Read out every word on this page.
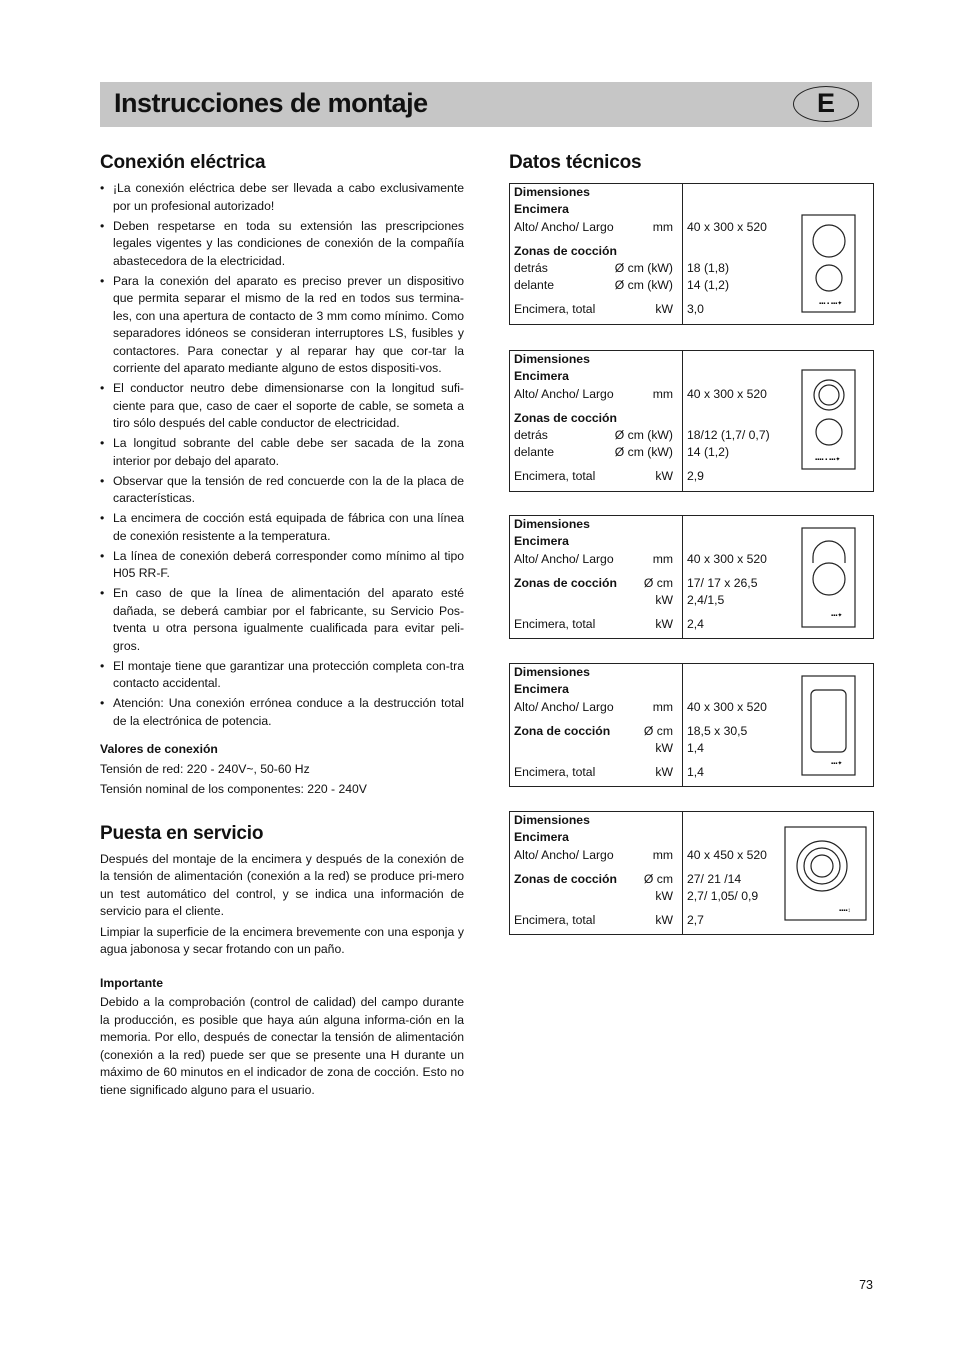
Instrucciones de montaje	E
Conexión eléctrica
• ¡La conexión eléctrica debe ser llevada a cabo exclusivamente por un profesional autorizado!
• Deben respetarse en toda su extensión las prescripciones legales vigentes y las condiciones de conexión de la compañía abastecedora de la electricidad.
• Para la conexión del aparato es preciso prever un dispositivo que permita separar el mismo de la red en todos sus termina-les, con una apertura de contacto de 3 mm como mínimo. Como separadores idóneos se consideran interruptores LS, fusibles y contactores. Para conectar y al reparar hay que cor-tar la corriente del aparato mediante alguno de estos dispositi-vos.
• El conductor neutro debe dimensionarse con la longitud sufi-ciente para que, caso de caer el soporte de cable, se someta a tiro sólo después del cable conductor de electricidad.
• La longitud sobrante del cable debe ser sacada de la zona interior por debajo del aparato.
• Observar que la tensión de red concuerde con la de la placa de características.
• La encimera de cocción está equipada de fábrica con una línea de conexión resistente a la temperatura.
• La línea de conexión deberá corresponder como mínimo al tipo H05 RR-F.
• En caso de que la línea de alimentación del aparato esté dañada, se deberá cambiar por el fabricante, su Servicio Pos-tventa u otra persona igualmente cualificada para evitar peli-gros.
• El montaje tiene que garantizar una protección completa con-tra contacto accidental.
• Atención: Una conexión errónea conduce a la destrucción total de la electrónica de potencia.
Valores de conexión

Tensión de red: 220 - 240V~, 50-60 Hz

Tensión nominal de los componentes: 220 - 240V

Puesta en servicio

Después del montaje de la encimera y después de la conexión de la tensión de alimentación (conexión a la red) se produce pri-mero un test automático del control, y se indica una información de servicio para el cliente.

Limpiar la superficie de la encimera brevemente con una esponja y agua jabonosa y secar frotando con un paño.

Importante

Debido a la comprobación (control de calidad) del campo durante la producción, es posible que haya aún alguna informa-ción en la memoria. Por ello, después de conectar la tensión de alimentación (conexión a la red) puede ser que se presente una H durante un máximo de 60 minutos en el indicador de zona de cocción. Esto no tiene significado alguno para el usuario.

Datos técnicos
Dimensiones
Encimera
Alto/ Ancho/ Largo	mm 40 x 300 x 520
Zonas de cocción
detrás	Ø cm (kW) 18 (1,8)
delante	Ø cm (kW) 14 (1,2)
Encimera, total	kW 3,0	▪▪▪ ▪ ▪▪▪✦
Dimensiones
Encimera
Alto/ Ancho/ Largo	mm 40 x 300 x 520
Zonas de cocción
detrás	Ø cm (kW) 18/12 (1,7/ 0,7)
delante	Ø cm (kW) 14 (1,2)
Encimera, total	kW 2,9
▪▪▪▪ ▪ ▪▪▪✦
Dimensiones
Encimera
Alto/ Ancho/ Largo	mm 40 x 300 x 520
Zonas de cocción Ø cm 17/ 17 x 26,5
kW 2,4/1,5
Encimera, total	kW 2,4
▪▪▪✦
Dimensiones
Encimera
Alto/ Ancho/ Largo	mm 40 x 300 x 520
Zona de cocción	Ø cm 18,5 x 30,5
kW 1,4
Encimera, total	kW 1,4
▪▪▪✦
Dimensiones
Encimera
Alto/ Ancho/ Largo	mm 40 x 450 x 520
Zonas de cocción Ø cm 27/ 21 /14
kW 2,7/ 1,05/ 0,9
Encimera, total	kW 2,7
▪▪▪▪↕
73
